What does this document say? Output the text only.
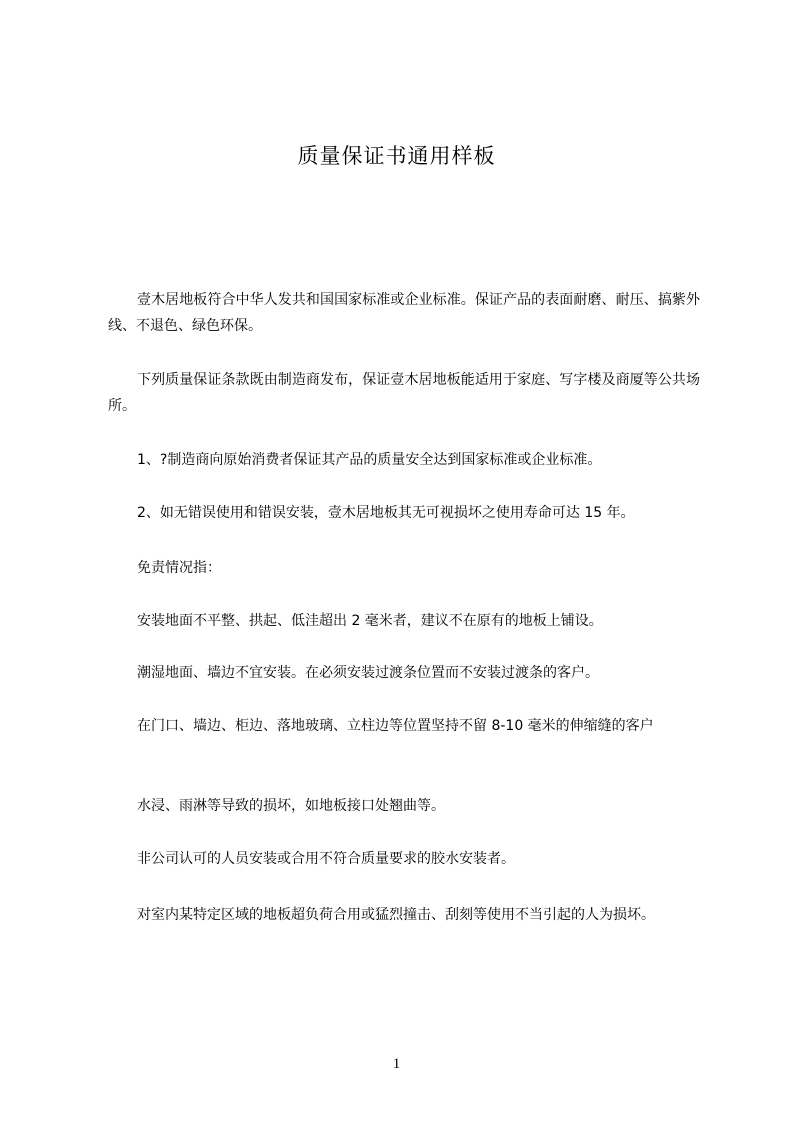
质量保证书通用样板
壹木居地板符合中华人发共和国国家标准或企业标准。保证产品的表面耐磨、耐压、搞紫外线、不退色、绿色环保。
下列质量保证条款既由制造商发布，保证壹木居地板能适用于家庭、写字楼及商厦等公共场所。
1、?制造商向原始消费者保证其产品的质量安全达到国家标准或企业标准。
2、如无错误使用和错误安装，壹木居地板其无可视损坏之使用寿命可达 15 年。
免责情况指：
安装地面不平整、拱起、低洼超出 2 毫米者，建议不在原有的地板上铺设。
潮湿地面、墙边不宜安装。在必须安装过渡条位置而不安装过渡条的客户。
在门口、墙边、柜边、落地玻璃、立柱边等位置坚持不留 8-10 毫米的伸缩缝的客户
水浸、雨淋等导致的损坏，如地板接口处翘曲等。
非公司认可的人员安装或合用不符合质量要求的胶水安装者。
对室内某特定区域的地板超负荷合用或猛烈撞击、刮刻等使用不当引起的人为损坏。
1
